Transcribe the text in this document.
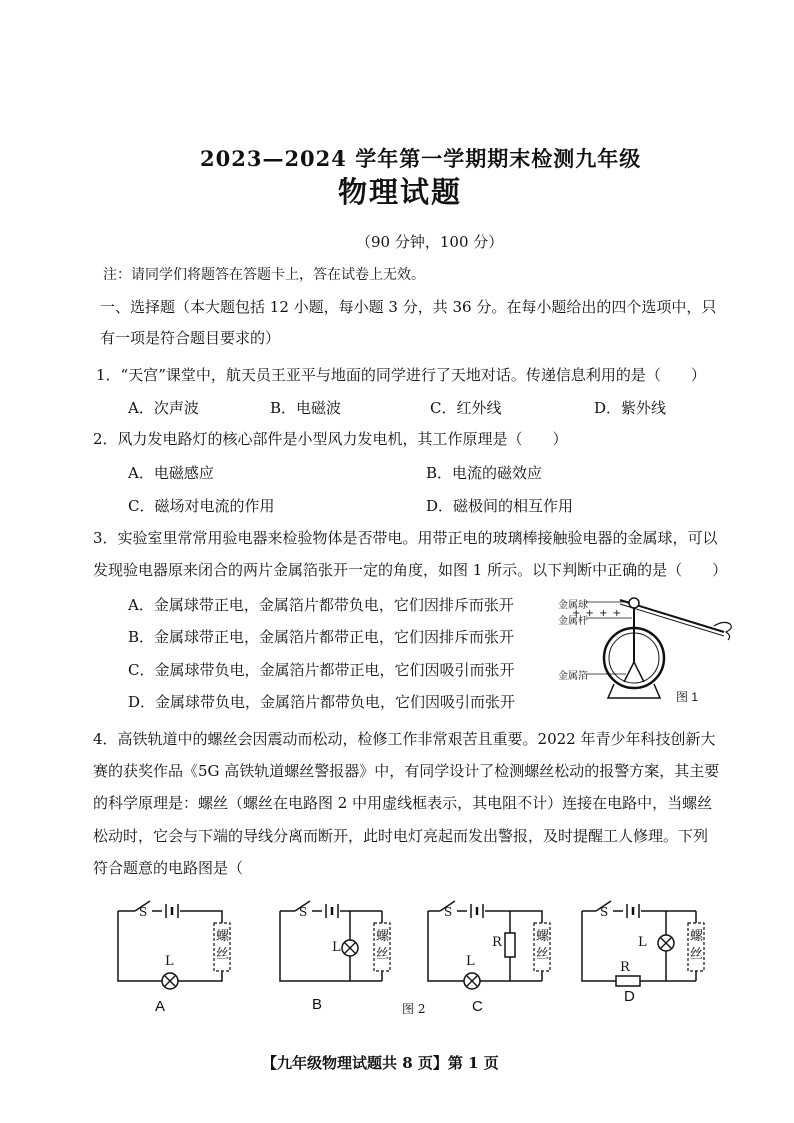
2023—2024 学年第一学期期末检测九年级
物理试题
（90 分钟，100 分）
注：请同学们将题答在答题卡上，答在试卷上无效。
一、选择题（本大题包括 12 小题，每小题 3 分，共 36 分。在每小题给出的四个选项中，只
有一项是符合题目要求的）
1．“天宫”课堂中，航天员王亚平与地面的同学进行了天地对话。传递信息利用的是（　　）
A．次声波	B．电磁波	C．红外线	D．紫外线
2．风力发电路灯的核心部件是小型风力发电机，其工作原理是（　　）
A．电磁感应	B．电流的磁效应
C．磁场对电流的作用	D．磁极间的相互作用
3．实验室里常常用验电器来检验物体是否带电。用带正电的玻璃棒接触验电器的金属球，可以
发现验电器原来闭合的两片金属箔张开一定的角度，如图 1 所示。以下判断中正确的是（　　）
A．金属球带正电，金属箔片都带负电，它们因排斥而张开
B．金属球带正电，金属箔片都带正电，它们因排斥而张开
C．金属球带负电，金属箔片都带正电，它们因吸引而张开
D．金属球带负电，金属箔片都带负电，它们因吸引而张开
+ + + +
金属球
金属杆
金属箔
图 1
4．高铁轨道中的螺丝会因震动而松动，检修工作非常艰苦且重要。2022 年青少年科技创新大
赛的获奖作品《5G 高铁轨道螺丝警报器》中，有同学设计了检测螺丝松动的报警方案，其主要
的科学原理是：螺丝（螺丝在电路图 2 中用虚线框表示，其电阻不计）连接在电路中，当螺丝
松动时，它会与下端的导线分离而断开，此时电灯亮起而发出警报，及时提醒工人修理。下列
符合题意的电路图是（
S	S	S	S
L
L
L
L
R
R
螺
丝
螺
丝
螺
丝
螺
丝
A	B	图 2	C
D
【九年级物理试题共 8 页】第 1 页
